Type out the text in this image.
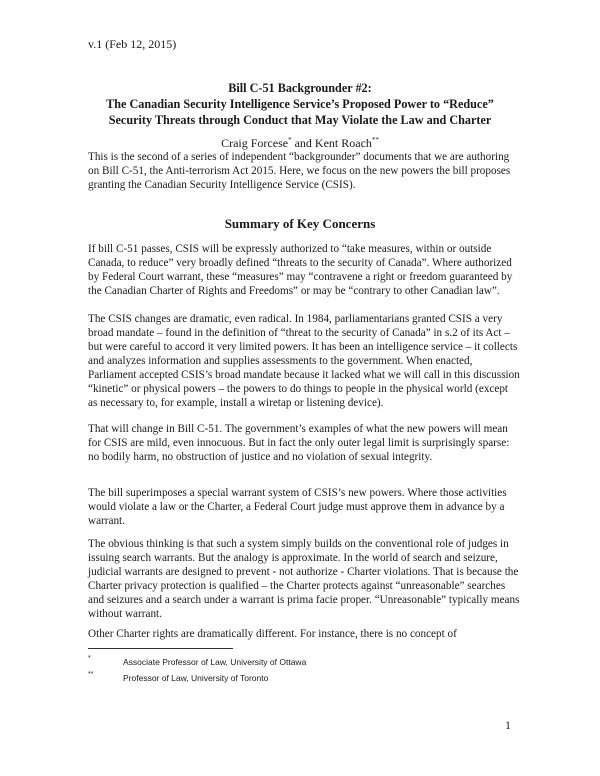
v.1 (Feb 12, 2015)
Bill C-51 Backgrounder #2:
The Canadian Security Intelligence Service’s Proposed Power to “Reduce”
Security Threats through Conduct that May Violate the Law and Charter
Craig Forcese* and Kent Roach**

This is the second of a series of independent “backgrounder” documents that we are authoring on Bill C-51, the Anti-terrorism Act 2015. Here, we focus on the new powers the bill proposes granting the Canadian Security Intelligence Service (CSIS).

Summary of Key Concerns

If bill C-51 passes, CSIS will be expressly authorized to “take measures, within or outside Canada, to reduce” very broadly defined “threats to the security of Canada”. Where authorized by Federal Court warrant, these “measures” may “contravene a right or freedom guaranteed by the Canadian Charter of Rights and Freedoms” or may be “contrary to other Canadian law”.

The CSIS changes are dramatic, even radical. In 1984, parliamentarians granted CSIS a very broad mandate – found in the definition of “threat to the security of Canada” in s.2 of its Act – but were careful to accord it very limited powers. It has been an intelligence service – it collects and analyzes information and supplies assessments to the government. When enacted, Parliament accepted CSIS’s broad mandate because it lacked what we will call in this discussion “kinetic” or physical powers – the powers to do things to people in the physical world (except as necessary to, for example, install a wiretap or listening device).

That will change in Bill C-51. The government’s examples of what the new powers will mean for CSIS are mild, even innocuous. But in fact the only outer legal limit is surprisingly sparse: no bodily harm, no obstruction of justice and no violation of sexual integrity.

The bill superimposes a special warrant system of CSIS’s new powers. Where those activities would violate a law or the Charter, a Federal Court judge must approve them in advance by a warrant.

The obvious thinking is that such a system simply builds on the conventional role of judges in issuing search warrants. But the analogy is approximate. In the world of search and seizure, judicial warrants are designed to prevent - not authorize - Charter violations. That is because the Charter privacy protection is qualified – the Charter protects against “unreasonable” searches and seizures and a search under a warrant is prima facie proper. “Unreasonable” typically means without warrant.

Other Charter rights are dramatically different. For instance, there is no concept of

*	Associate Professor of Law, University of Ottawa
**	Professor of Law, University of Toronto
1
